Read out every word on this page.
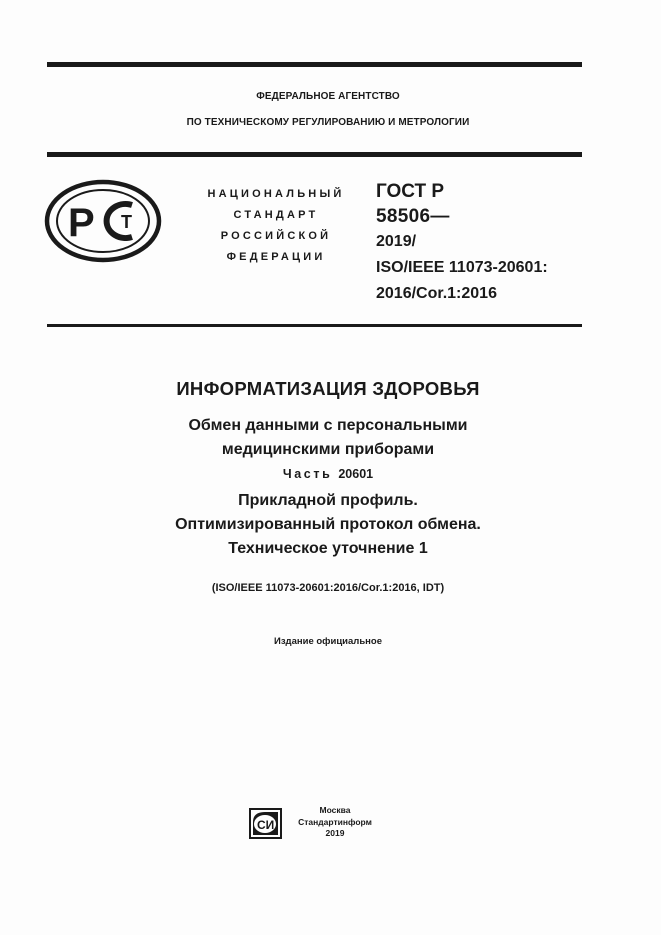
ФЕДЕРАЛЬНОЕ АГЕНТСТВО
ПО ТЕХНИЧЕСКОМУ РЕГУЛИРОВАНИЮ И МЕТРОЛОГИИ
Р Т
НАЦИОНАЛЬНЫЙ
СТАНДАРТ
РОССИЙСКОЙ
ФЕДЕРАЦИИ
ГОСТ Р
58506—
2019/
ISO/IEEE 11073-20601:
2016/Cor.1:2016
ИНФОРМАТИЗАЦИЯ ЗДОРОВЬЯ
Обмен данными с персональными
медицинскими приборами
Часть 20601
Прикладной профиль.
Оптимизированный протокол обмена.
Техническое уточнение 1
(ISO/IEEE 11073-20601:2016/Cor.1:2016, IDT)
Издание официальное
СИ
Москва
Стандартинформ
2019
